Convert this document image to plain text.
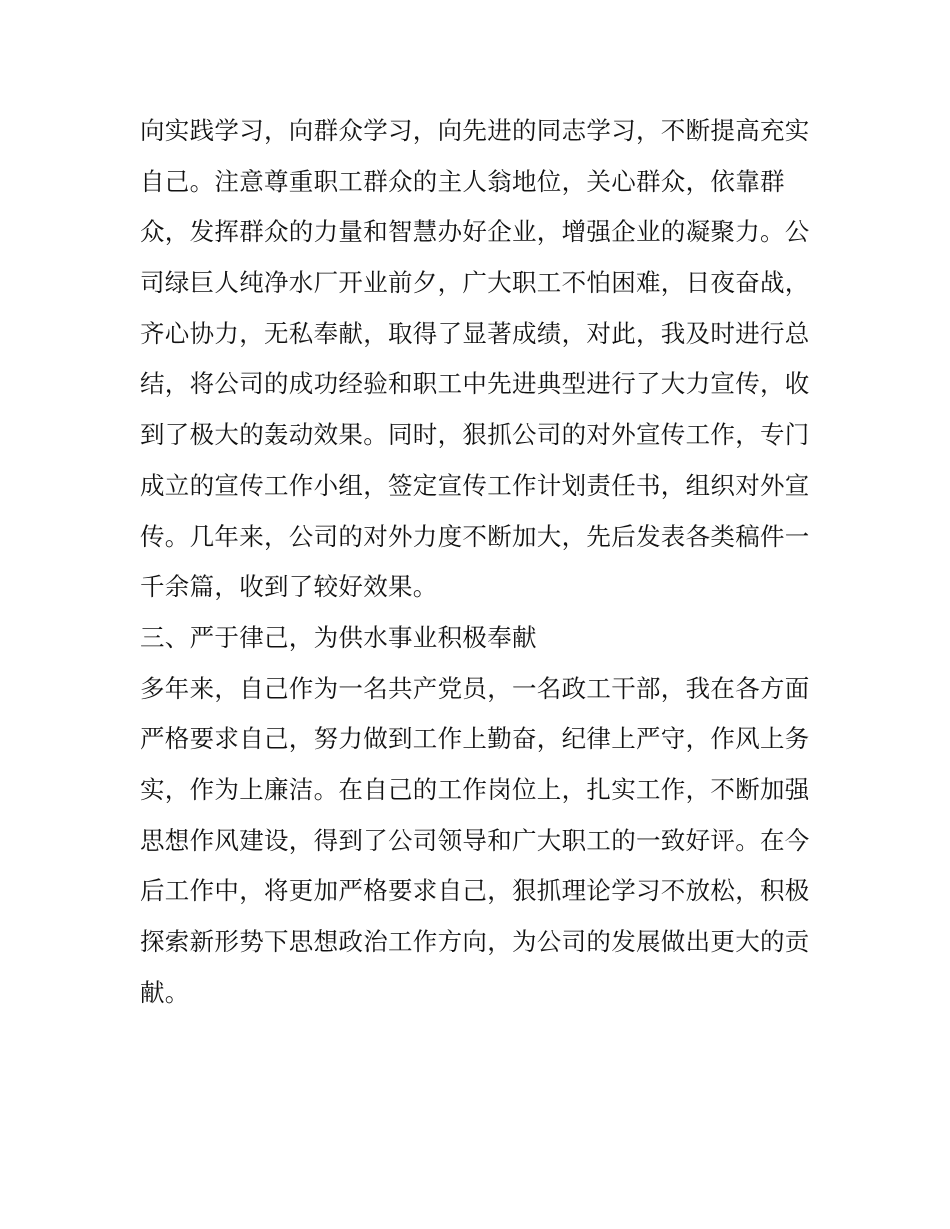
向实践学习，向群众学习，向先进的同志学习，不断提高充实
自己。注意尊重职工群众的主人翁地位，关心群众，依靠群
众，发挥群众的力量和智慧办好企业，增强企业的凝聚力。公
司绿巨人纯净水厂开业前夕，广大职工不怕困难，日夜奋战，
齐心协力，无私奉献，取得了显著成绩，对此，我及时进行总
结，将公司的成功经验和职工中先进典型进行了大力宣传，收
到了极大的轰动效果。同时，狠抓公司的对外宣传工作，专门
成立的宣传工作小组，签定宣传工作计划责任书，组织对外宣
传。几年来，公司的对外力度不断加大，先后发表各类稿件一
千余篇，收到了较好效果。
三、严于律己，为供水事业积极奉献
多年来，自己作为一名共产党员，一名政工干部，我在各方面
严格要求自己，努力做到工作上勤奋，纪律上严守，作风上务
实，作为上廉洁。在自己的工作岗位上，扎实工作，不断加强
思想作风建设，得到了公司领导和广大职工的一致好评。在今
后工作中，将更加严格要求自己，狠抓理论学习不放松，积极
探索新形势下思想政治工作方向，为公司的发展做出更大的贡
献。
